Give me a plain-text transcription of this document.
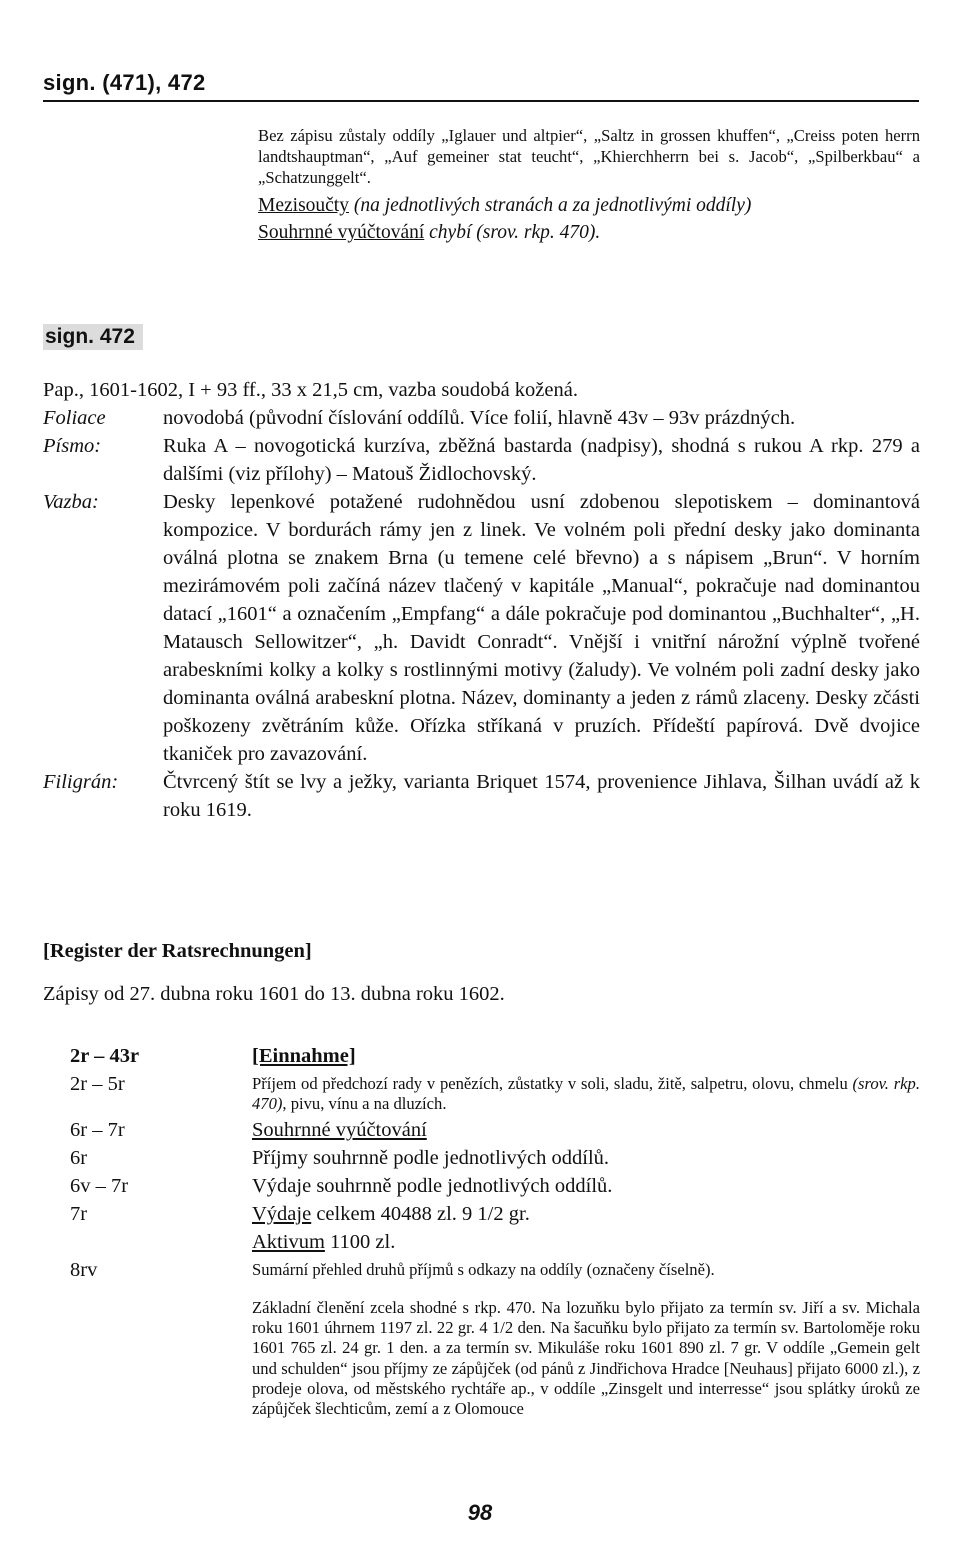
sign. (471), 472

Bez zápisu zůstaly oddíly „Iglauer und altpier“, „Saltz in grossen khuffen“, „Creiss poten herrn landtshauptman“, „Auf gemeiner stat teucht“, „Khierchherrn bei s. Jacob“, „Spilberkbau“ a „Schatzunggelt“.

Mezisoučty (na jednotlivých stranách a za jednotlivými oddíly)

Souhrnné vyúčtování chybí (srov. rkp. 470).

sign. 472
Pap., 1601-1602, I + 93 ff., 33 x 21,5 cm, vazba soudobá kožená.
Foliace	novodobá (původní číslování oddílů. Více folií, hlavně 43v – 93v prázdných.
Písmo:	Ruka A – novogotická kurzíva, zběžná bastarda (nadpisy), shodná s rukou A rkp. 279 a dalšími (viz přílohy) – Matouš Židlochovský.
Vazba:	Desky lepenkové potažené rudohnědou usní zdobenou slepotiskem – dominantová kompozice. V bordurách rámy jen z linek. Ve volném poli přední desky jako dominanta oválná plotna se znakem Brna (u temene celé břevno) a s nápisem „Brun“. V horním mezirámovém poli začíná název tlačený v kapitále „Manual“, pokračuje nad dominantou datací „1601“ a označením „Empfang“ a dále pokračuje pod dominantou „Buchhalter“, „H. Matausch Sellowitzer“, „h. Davidt Conradt“. Vnější i vnitřní nárožní výplně tvořené arabeskními kolky a kolky s rostlinnými motivy (žaludy). Ve volném poli zadní desky jako dominanta oválná arabeskní plotna. Název, dominanty a jeden z rámů zlaceny. Desky zčásti poškozeny zvětráním kůže. Ořízka stříkaná v pruzích. Přídeští papírová. Dvě dvojice tkaniček pro zavazování.
Filigrán:	Čtvrcený štít se lvy a ježky, varianta Briquet 1574, provenience Jihlava, Šilhan uvádí až k roku 1619.
[Register der Ratsrechnungen]
Zápisy od 27. dubna roku 1601 do 13. dubna roku 1602.
2r – 43r	[Einnahme]
2r – 5r	Příjem od předchozí rady v penězích, zůstatky v soli, sladu, žitě, salpetru, olovu, chmelu (srov. rkp. 470), pivu, vínu a na dluzích.
6r – 7r	Souhrnné vyúčtování
6r	Příjmy souhrnně podle jednotlivých oddílů.
6v – 7r	Výdaje souhrnně podle jednotlivých oddílů.
7r	Výdaje celkem 40488 zl. 9 1/2 gr.
Aktivum 1100 zl.
8rv	Sumární přehled druhů příjmů s odkazy na oddíly (označeny číselně).
Základní členění zcela shodné s rkp. 470. Na lozuňku bylo přijato za termín sv. Jiří a sv. Michala roku 1601 úhrnem 1197 zl. 22 gr. 4 1/2 den. Na šacuňku bylo přijato za termín sv. Bartoloměje roku 1601 765 zl. 24 gr. 1 den. a za termín sv. Mikuláše roku 1601 890 zl. 7 gr. V oddíle „Gemein gelt und schulden“ jsou příjmy ze zápůjček (od pánů z Jindřichova Hradce [Neuhaus] přijato 6000 zl.), z prodeje olova, od městského rychtáře ap., v oddíle „Zinsgelt und interresse“ jsou splátky úroků ze zápůjček šlechticům, zemí a z Olomouce
98
